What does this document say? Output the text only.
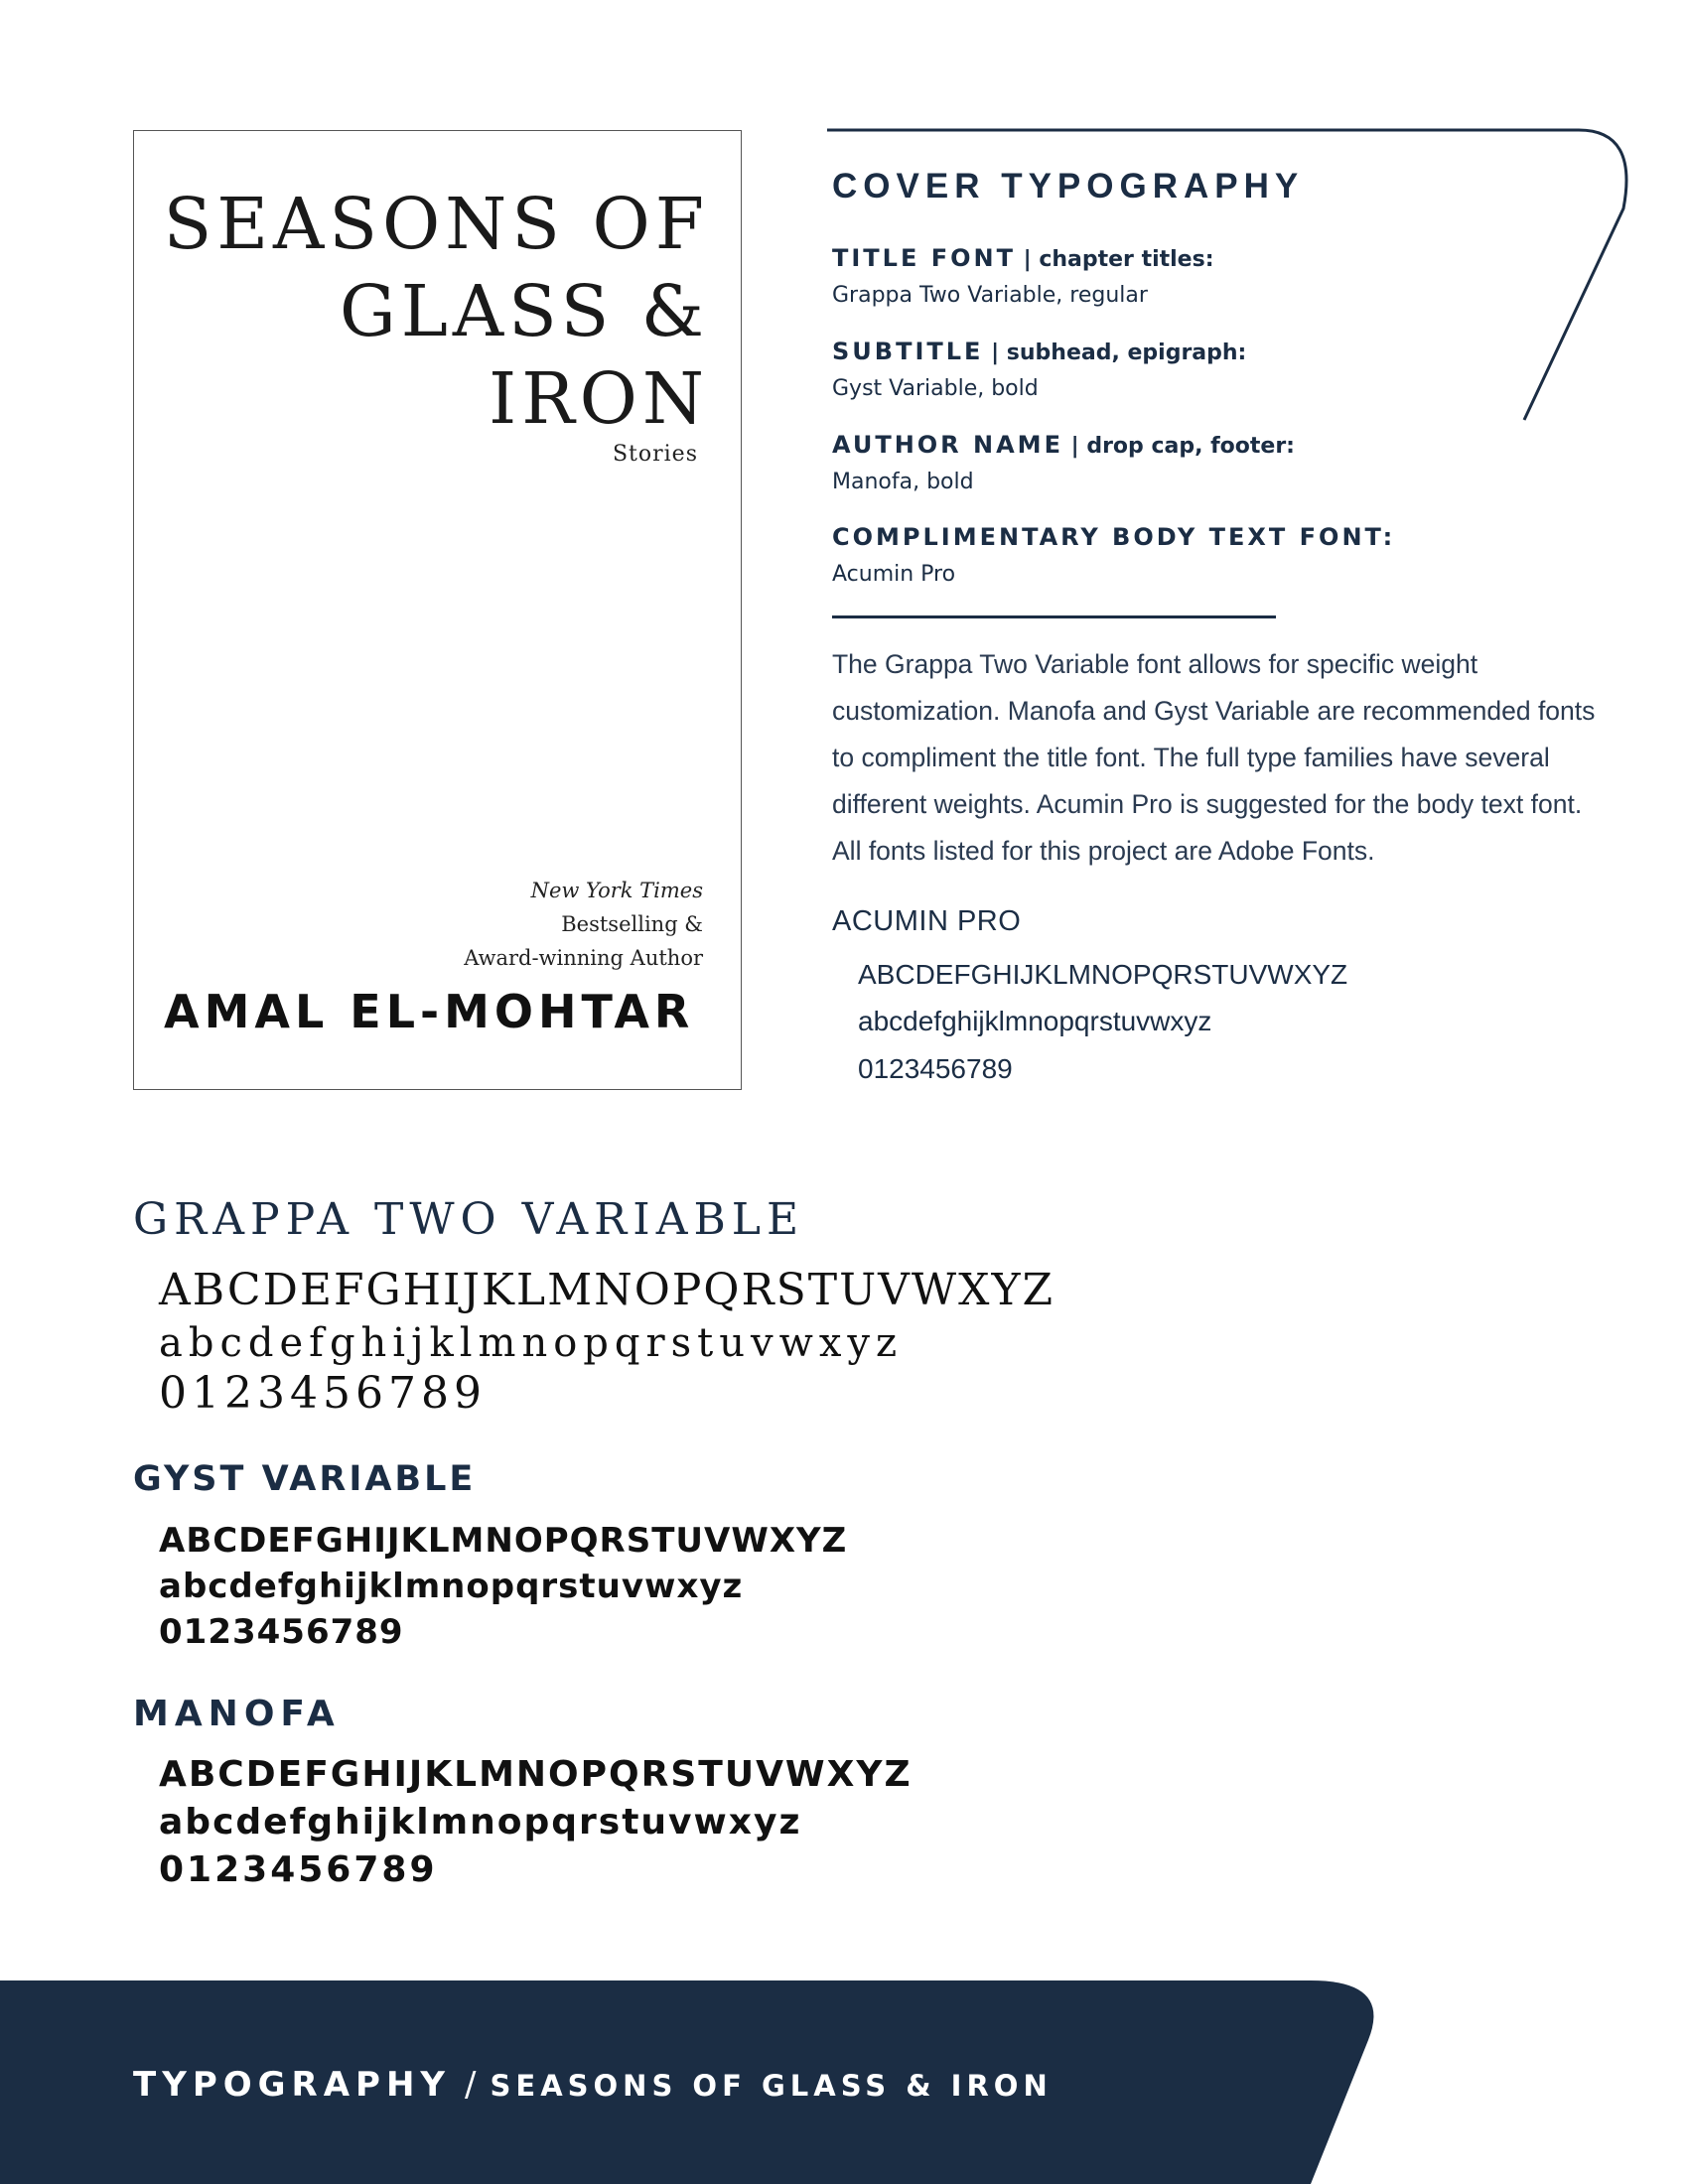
SEASONS OF
GLASS &
IRON
Stories
New York Times
Bestselling &
Award-winning Author
AMAL EL-MOHTAR
COVER TYPOGRAPHY
TITLE FONT | chapter titles:
Grappa Two Variable, regular
SUBTITLE | subhead, epigraph:
Gyst Variable, bold
AUTHOR NAME | drop cap, footer:
Manofa, bold
COMPLIMENTARY BODY TEXT FONT:
Acumin Pro
The Grappa Two Variable font allows for specific weight customization. Manofa and Gyst Variable are recommended fonts to compliment the title font. The full type families have several different weights. Acumin Pro is suggested for the body text font. All fonts listed for this project are Adobe Fonts.
ACUMIN PRO
ABCDEFGHIJKLMNOPQRSTUVWXYZ
abcdefghijklmnopqrstuvwxyz
0123456789
GRAPPA TWO VARIABLE
ABCDEFGHIJKLMNOPQRSTUVWXYZ
abcdefghijklmnopqrstuvwxyz
0123456789
GYST VARIABLE
ABCDEFGHIJKLMNOPQRSTUVWXYZ
abcdefghijklmnopqrstuvwxyz
0123456789
MANOFA
ABCDEFGHIJKLMNOPQRSTUVWXYZ
abcdefghijklmnopqrstuvwxyz
0123456789
TYPOGRAPHY / SEASONS OF GLASS & IRON
